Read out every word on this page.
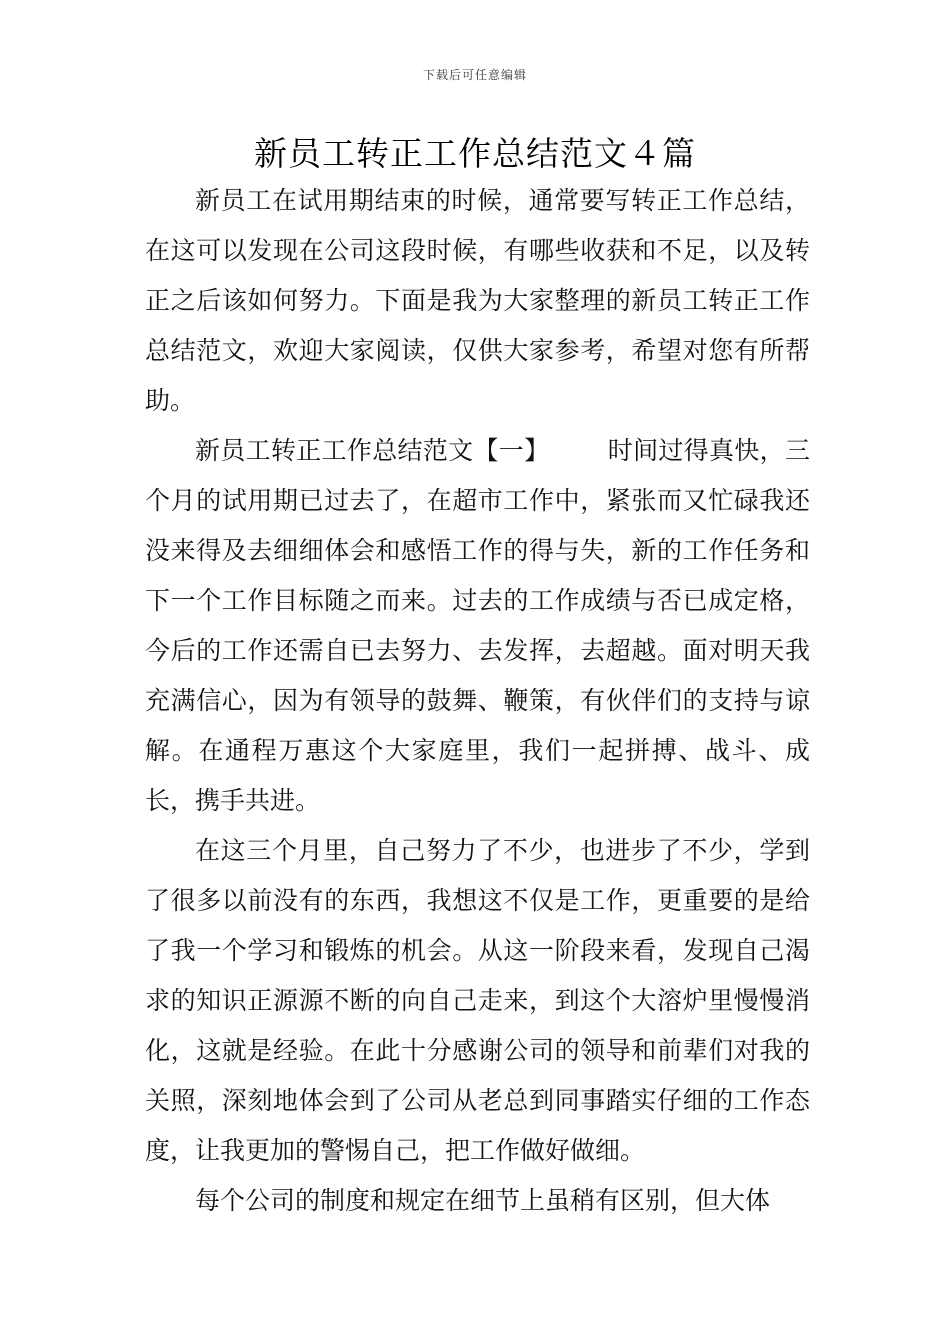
下载后可任意编辑
新员工转正工作总结范文４篇

新员工在试用期结束的时候，通常要写转正工作总结，在这可以发现在公司这段时候，有哪些收获和不足，以及转正之后该如何努力。下面是我为大家整理的新员工转正工作总结范文，欢迎大家阅读，仅供大家参考，希望对您有所帮助。

新员工转正工作总结范文【一】 时间过得真快，三个月的试用期已过去了，在超市工作中，紧张而又忙碌我还没来得及去细细体会和感悟工作的得与失，新的工作任务和下一个工作目标随之而来。过去的工作成绩与否已成定格，今后的工作还需自已去努力、去发挥，去超越。面对明天我充满信心，因为有领导的鼓舞、鞭策，有伙伴们的支持与谅解。在通程万惠这个大家庭里，我们一起拼搏、战斗、成长，携手共进。

在这三个月里，自己努力了不少，也进步了不少，学到了很多以前没有的东西，我想这不仅是工作，更重要的是给了我一个学习和锻炼的机会。从这一阶段来看，发现自己渴求的知识正源源不断的向自己走来，到这个大溶炉里慢慢消化，这就是经验。在此十分感谢公司的领导和前辈们对我的关照，深刻地体会到了公司从老总到同事踏实仔细的工作态度，让我更加的警惕自己，把工作做好做细。

每个公司的制度和规定在细节上虽稍有区别，但大体
